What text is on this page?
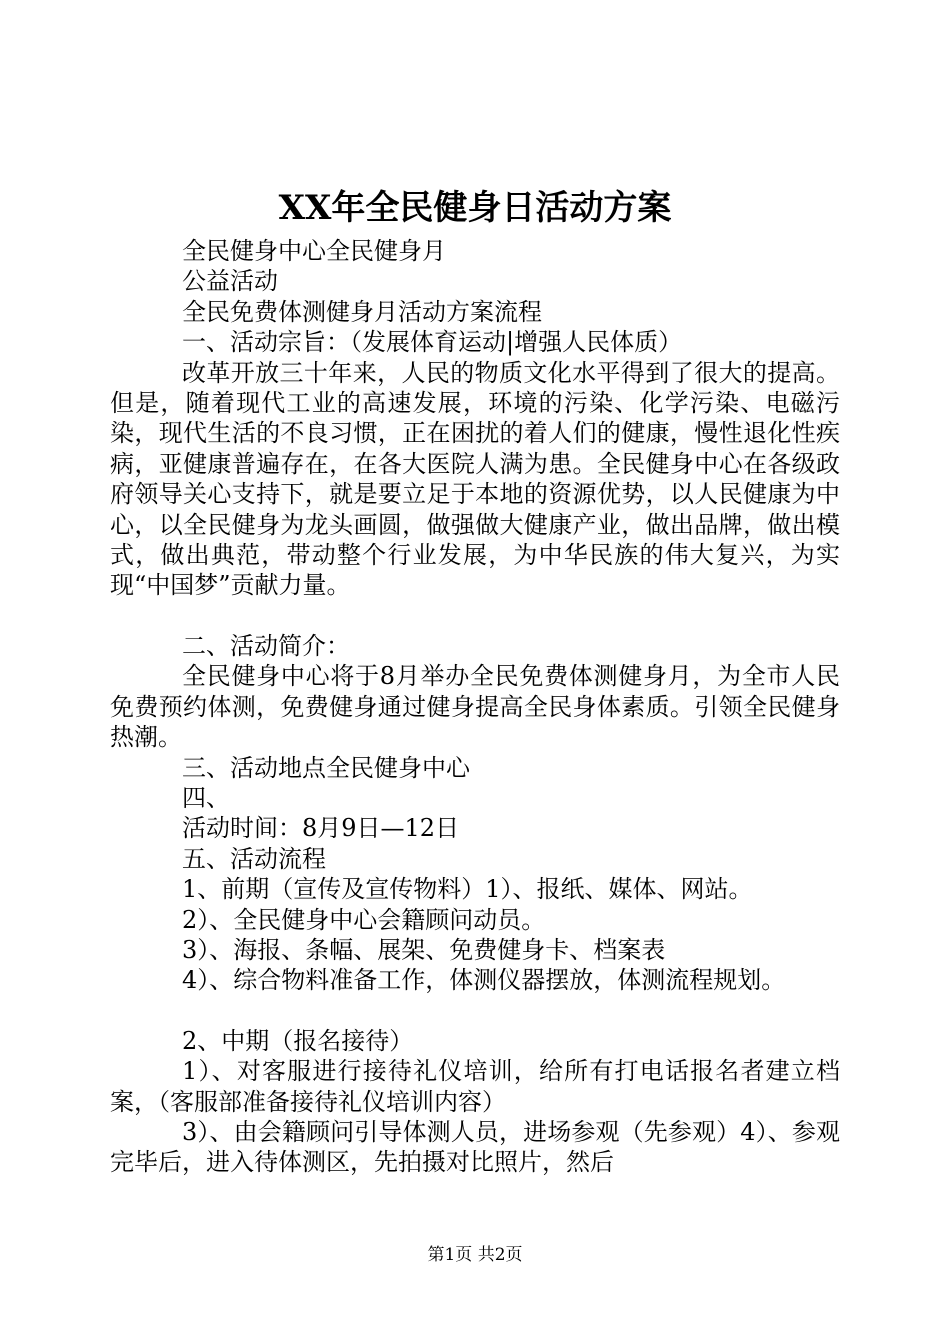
XX年全民健身日活动方案

全民健身中心全民健身月

公益活动

全民免费体测健身月活动方案流程

一、活动宗旨：（发展体育运动|增强人民体质）

改革开放三十年来，人民的物质文化水平得到了很大的提高。但是，随着现代工业的高速发展，环境的污染、化学污染、电磁污染，现代生活的不良习惯，正在困扰的着人们的健康，慢性退化性疾病，亚健康普遍存在，在各大医院人满为患。全民健身中心在各级政府领导关心支持下，就是要立足于本地的资源优势，以人民健康为中心，以全民健身为龙头画圆，做强做大健康产业，做出品牌，做出模式，做出典范，带动整个行业发展，为中华民族的伟大复兴，为实现“中国梦”贡献力量。

二、活动简介：

全民健身中心将于8月举办全民免费体测健身月，为全市人民免费预约体测，免费健身通过健身提高全民身体素质。引领全民健身热潮。

三、活动地点全民健身中心

四、

活动时间：8月9日—12日

五、活动流程

1、前期（宣传及宣传物料）1）、报纸、媒体、网站。

2）、全民健身中心会籍顾问动员。

3）、海报、条幅、展架、免费健身卡、档案表

4）、综合物料准备工作，体测仪器摆放，体测流程规划。

2、中期（报名接待）

1）、对客服进行接待礼仪培训，给所有打电话报名者建立档案，（客服部准备接待礼仪培训内容）

3）、由会籍顾问引导体测人员，进场参观（先参观）4）、参观完毕后，进入待体测区，先拍摄对比照片，然后

第1页 共2页
